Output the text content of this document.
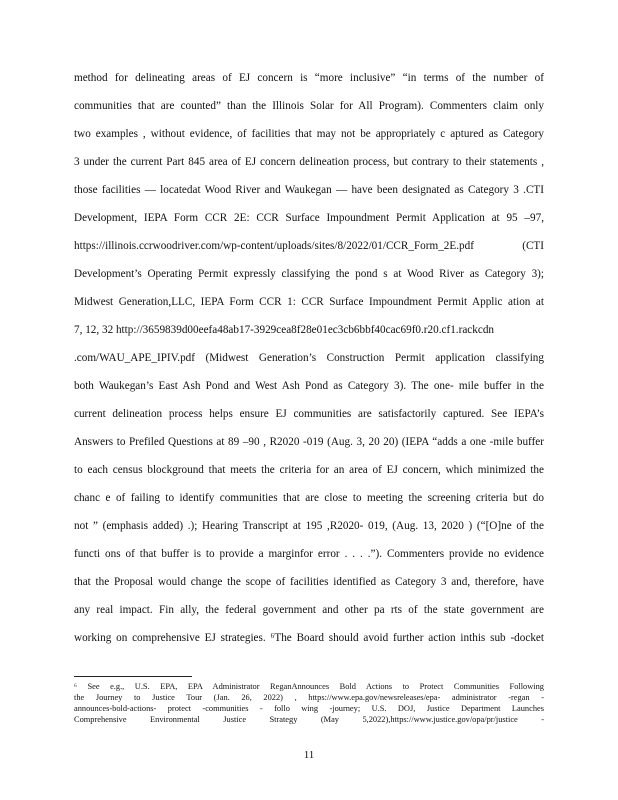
method for delineating areas of EJ concern is “more inclusive” “in terms of the number of
communities that are counted” than the Illinois Solar for All Program). Commenters claim only
two examples , without evidence, of facilities that may not be appropriately c aptured as Category
3 under the current Part 845 area of EJ concern delineation process, but contrary to their statements ,
those facilities — locatedat Wood River and Waukegan — have been designated as Category 3 .CTI
Development, IEPA Form CCR 2E: CCR Surface Impoundment Permit Application at 95 –97,
https://illinois.ccrwoodriver.com/wp-content/uploads/sites/8/2022/01/CCR_Form_2E.pdf (CTI
Development’s Operating Permit expressly classifying the pond s at Wood River as Category 3);
Midwest Generation,LLC, IEPA Form CCR 1: CCR Surface Impoundment Permit Applic ation at
7, 12, 32 http://3659839d00eefa48ab17-3929cea8f28e01ec3cb6bbf40cac69f0.r20.cf1.rackcdn
.com/WAU_APE_IPIV.pdf (Midwest Generation’s Construction Permit application classifying
both Waukegan’s East Ash Pond and West Ash Pond as Category 3). The one- mile buffer in the
current delineation process helps ensure EJ communities are satisfactorily captured. See IEPA’s
Answers to Prefiled Questions at 89 –90 , R2020 -019 (Aug. 3, 20 20) (IEPA “adds a one -mile buffer
to each census blockground that meets the criteria for an area of EJ concern, which minimized the
chanc e of failing to identify communities that are close to meeting the screening criteria but do
not ” (emphasis added) .); Hearing Transcript at 195 ,R2020- 019, (Aug. 13, 2020 ) (“[O]ne of the
functi ons of that buffer is to provide a marginfor error . . . .”). Commenters provide no evidence
that the Proposal would change the scope of facilities identified as Category 3 and, therefore, have
any real impact. Fin ally, the federal government and other pa rts of the state government are
working on comprehensive EJ strategies. ⁶The Board should avoid further action inthis sub -docket
⁶ See e.g., U.S. EPA, EPA Administrator ReganAnnounces Bold Actions to Protect Communities Following
the Journey to Justice Tour (Jan. 26, 2022) , https://www.epa.gov/newsreleases/epa- administrator -regan -
announces-bold-actions- protect -communities - follo wing -journey; U.S. DOJ, Justice Department Launches
Comprehensive Environmental Justice Strategy (May 5,2022),https://www.justice.gov/opa/pr/justice -
11
